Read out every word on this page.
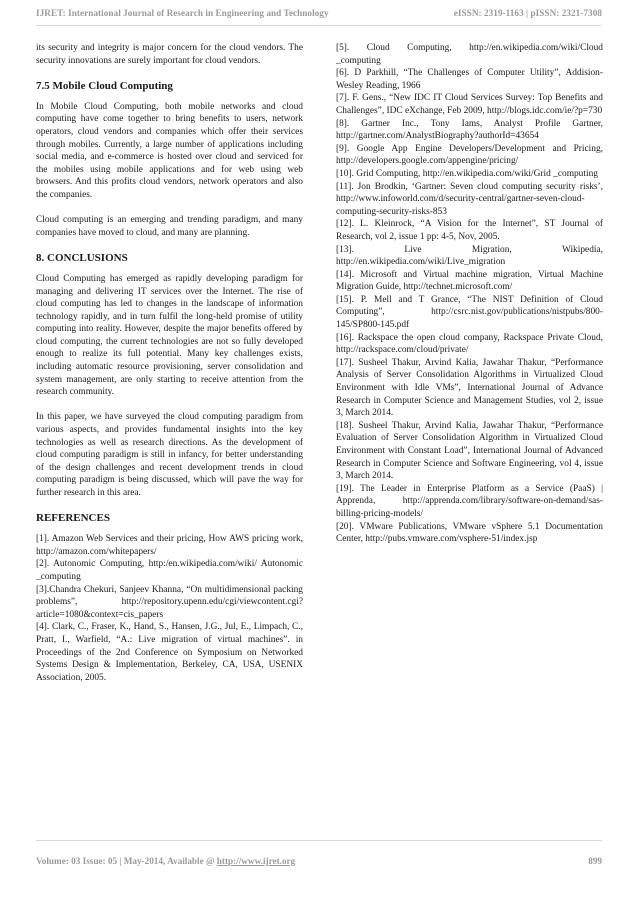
IJRET: International Journal of Research in Engineering and Technology	eISSN: 2319-1163 | pISSN: 2321-7308

its security and integrity is major concern for the cloud vendors. The security innovations are surely important for cloud vendors.

7.5 Mobile Cloud Computing

In Mobile Cloud Computing, both mobile networks and cloud computing have come together to bring benefits to users, network operators, cloud vendors and companies which offer their services through mobiles. Currently, a large number of applications including social media, and e-commerce is hosted over cloud and serviced for the mobiles using mobile applications and for web using web browsers. And this profits cloud vendors, network operators and also the companies.

Cloud computing is an emerging and trending paradigm, and many companies have moved to cloud, and many are planning.

8. CONCLUSIONS

Cloud Computing has emerged as rapidly developing paradigm for managing and delivering IT services over the Internet. The rise of cloud computing has led to changes in the landscape of information technology rapidly, and in turn fulfil the long-held promise of utility computing into reality. However, despite the major benefits offered by cloud computing, the current technologies are not so fully developed enough to realize its full potential. Many key challenges exists, including automatic resource provisioning, server consolidation and system management, are only starting to receive attention from the research community.

In this paper, we have surveyed the cloud computing paradigm from various aspects, and provides fundamental insights into the key technologies as well as research directions. As the development of cloud computing paradigm is still in infancy, for better understanding of the design challenges and recent development trends in cloud computing paradigm is being discussed, which will pave the way for further research in this area.

REFERENCES

[1]. Amazon Web Services and their pricing, How AWS pricing work, http://amazon.com/whitepapers/

[2]. Autonomic Computing, http:/en.wikipedia.com/wiki/ Autonomic _computing

[3].Chandra Chekuri, Sanjeev Khanna, “On multidimensional packing problems”, http://repository.upenn.edu/cgi/viewcontent.cgi?article=1080&context=cis_papers

[4]. Clark, C., Fraser, K., Hand, S., Hansen, J.G., Jul, E., Limpach, C., Pratt, I., Warfield, “A.: Live migration of virtual machines”. in Proceedings of the 2nd Conference on Symposium on Networked Systems Design & Implementation, Berkeley, CA, USA, USENIX Association, 2005.

[5]. Cloud Computing, http://en.wikipedia.com/wiki/Cloud _computing

[6]. D Parkhill, “The Challenges of Computer Utility”, Addision-Wesley Reading, 1966

[7]. F. Gens., “New IDC IT Cloud Services Survey: Top Benefits and Challenges”, IDC eXchange, Feb 2009, http://blogs.idc.com/ie/?p=730

[8]. Gartner Inc., Tony Iams, Analyst Profile Gartner, http://gartner.com/AnalystBiography?authorId=43654

[9]. Google App Engine Developers/Development and Pricing, http://developers.google.com/appengine/pricing/

[10]. Grid Computing, http://en.wikipedia.com/wiki/Grid _computing

[11]. Jon Brodkin, ‘Gartner: Seven cloud computing security risks’, http://www.infoworld.com/d/security-central/gartner-seven-cloud-computing-security-risks-853

[12]. L. Kleinrock, “A Vision for the Internet”, ST Journal of Research, vol 2, issue 1 pp: 4-5, Nov, 2005.

[13]. Live Migration, Wikipedia, http://en.wikipedia.com/wiki/Live_migration

[14]. Microsoft and Virtual machine migration, Virtual Machine Migration Guide, http://technet.microsoft.com/

[15]. P. Mell and T Grance, “The NIST Definition of Cloud Computing”, http://csrc.nist.gov/publications/nistpubs/800-145/SP800-145.pdf

[16]. Rackspace the open cloud company, Rackspace Private Cloud, http://rackspace.com/cloud/private/

[17]. Susheel Thakur, Arvind Kalia, Jawahar Thakur, “Performance Analysis of Server Consolidation Algorithms in Virtualized Cloud Environment with Idle VMs”, International Journal of Advance Research in Computer Science and Management Studies, vol 2, issue 3, March 2014.

[18]. Susheel Thakur, Arvind Kalia, Jawahar Thakur, “Performance Evaluation of Server Consolidation Algorithm in Virtualized Cloud Environment with Constant Load”, International Journal of Advanced Research in Computer Science and Software Engineering, vol 4, issue 3, March 2014.

[19]. The Leader in Enterprise Platform as a Service (PaaS) | Apprenda, http://apprenda.com/library/software-on-demand/sas-billing-pricing-models/

[20]. VMware Publications, VMware vSphere 5.1 Documentation Center, http://pubs.vmware.com/vsphere-51/index.jsp

Volume: 03 Issue: 05 | May-2014, Available @ http://www.ijret.org	899
